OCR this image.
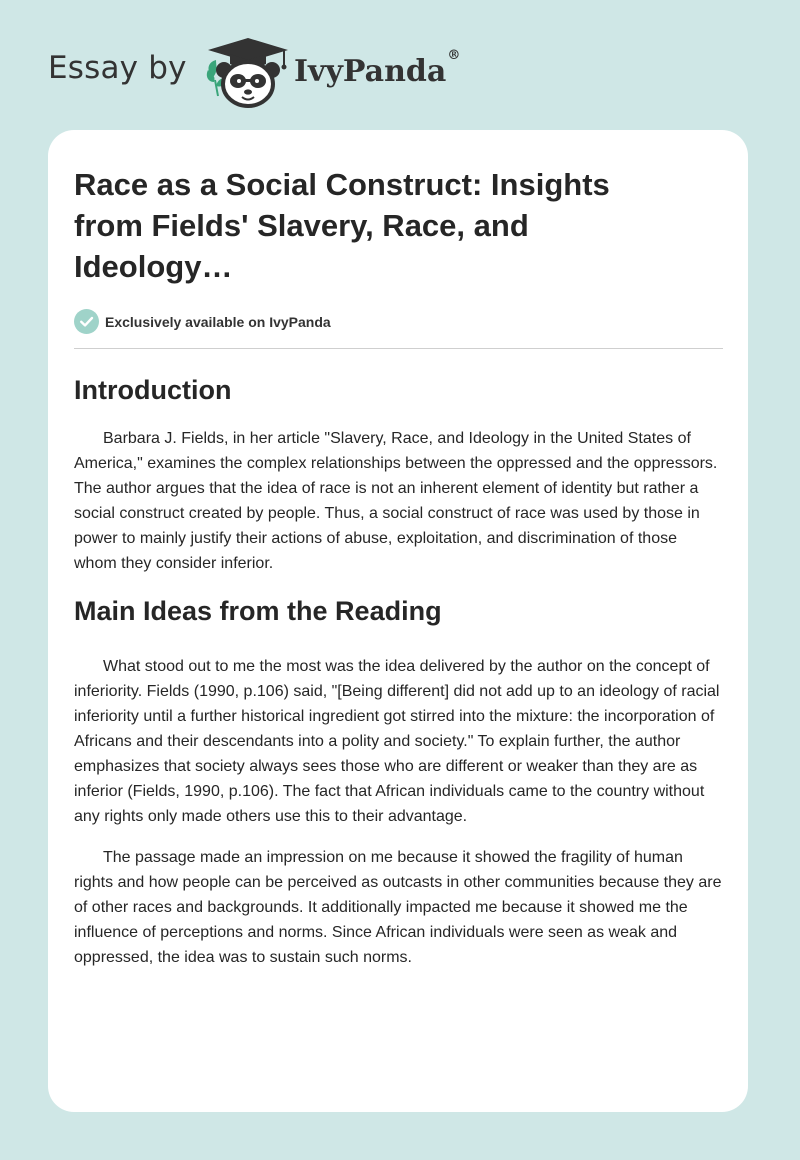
Essay by	IvyPanda®
Race as a Social Construct: Insights from Fields' Slavery, Race, and Ideology…
Exclusively available on IvyPanda
Introduction

Barbara J. Fields, in her article "Slavery, Race, and Ideology in the United States of America," examines the complex relationships between the oppressed and the oppressors. The author argues that the idea of race is not an inherent element of identity but rather a social construct created by people. Thus, a social construct of race was used by those in power to mainly justify their actions of abuse, exploitation, and discrimination of those whom they consider inferior.

Main Ideas from the Reading

What stood out to me the most was the idea delivered by the author on the concept of inferiority. Fields (1990, p.106) said, "[Being different] did not add up to an ideology of racial inferiority until a further historical ingredient got stirred into the mixture: the incorporation of Africans and their descendants into a polity and society." To explain further, the author emphasizes that society always sees those who are different or weaker than they are as inferior (Fields, 1990, p.106). The fact that African individuals came to the country without any rights only made others use this to their advantage.

The passage made an impression on me because it showed the fragility of human rights and how people can be perceived as outcasts in other communities because they are of other races and backgrounds. It additionally impacted me because it showed me the influence of perceptions and norms. Since African individuals were seen as weak and oppressed, the idea was to sustain such norms.
